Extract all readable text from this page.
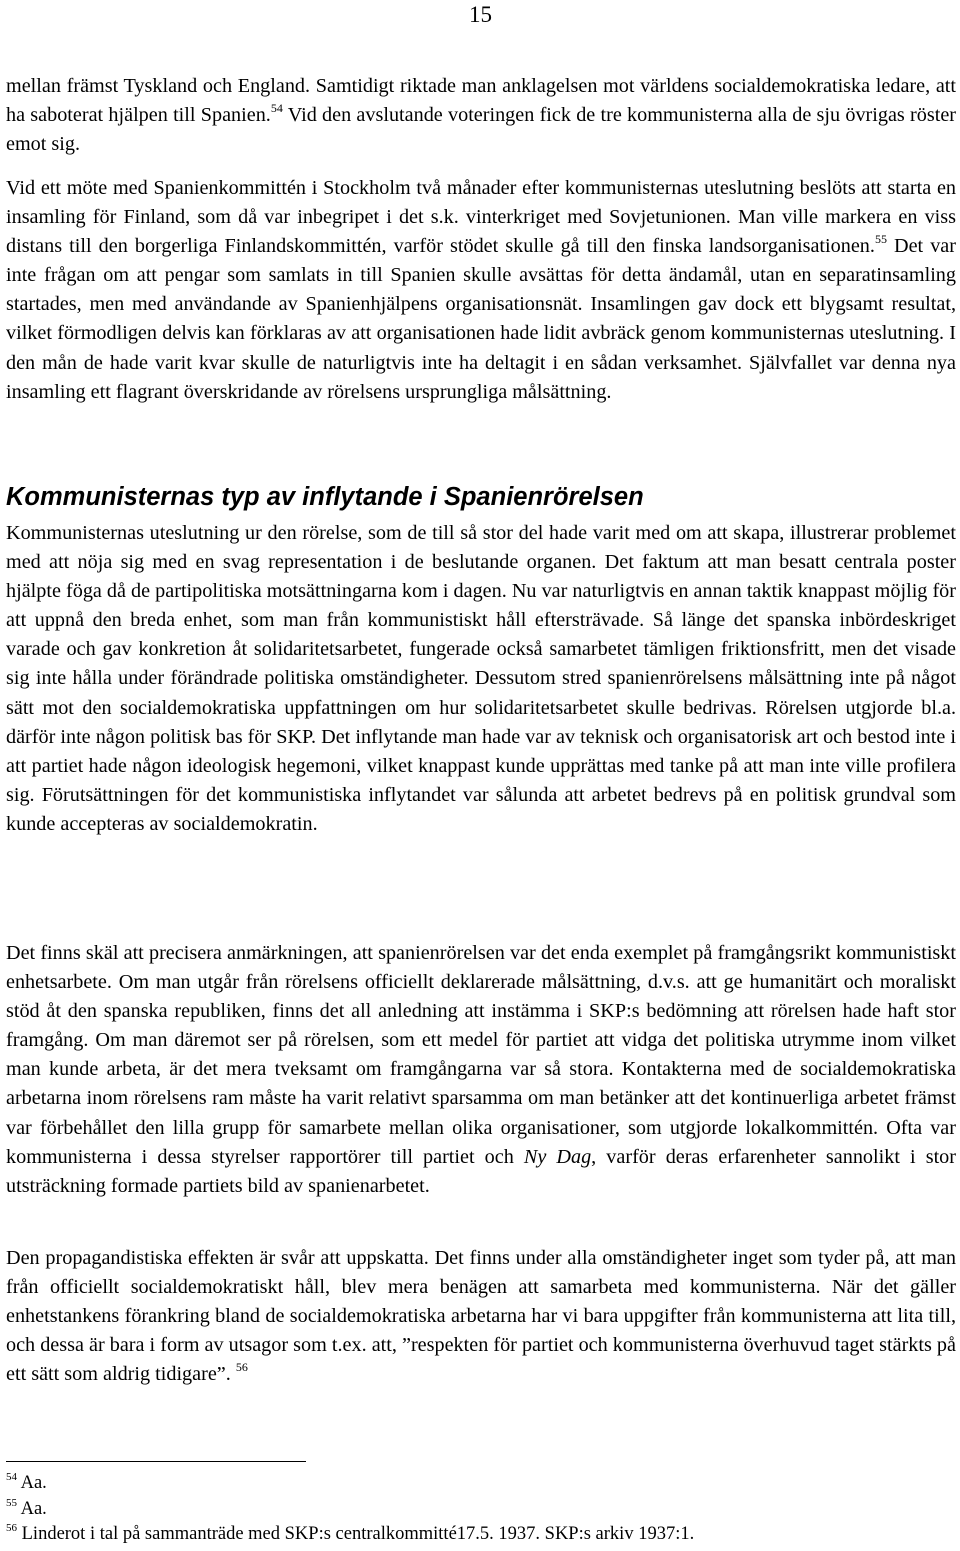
15

mellan främst Tyskland och England. Samtidigt riktade man anklagelsen mot världens socialdemokratiska ledare, att ha saboterat hjälpen till Spanien.$^{54}$ Vid den avslutande voteringen fick de tre kommunisterna alla de sju övrigas röster emot sig.

Vid ett möte med Spanienkommittén i Stockholm två månader efter kommunisternas uteslutning beslöts att starta en insamling för Finland, som då var inbegripet i det s.k. vinterkriget med Sovjetunionen. Man ville markera en viss distans till den borgerliga Finlandskommittén, varför stödet skulle gå till den finska landsorganisationen.$^{55}$ Det var inte frågan om att pengar som samlats in till Spanien skulle avsättas för detta ändamål, utan en separatinsamling startades, men med användande av Spanienhjälpens organisationsnät. Insamlingen gav dock ett blygsamt resultat, vilket förmodligen delvis kan förklaras av att organisationen hade lidit avbräck genom kommunisternas uteslutning. I den mån de hade varit kvar skulle de naturligtvis inte ha deltagit i en sådan verksamhet. Självfallet var denna nya insamling ett flagrant överskridande av rörelsens ursprungliga målsättning.

Kommunisternas typ av inflytande i Spanienrörelsen

Kommunisternas uteslutning ur den rörelse, som de till så stor del hade varit med om att skapa, illustrerar problemet med att nöja sig med en svag representation i de beslutande organen. Det faktum att man besatt centrala poster hjälpte föga då de partipolitiska motsättningarna kom i dagen. Nu var naturligtvis en annan taktik knappast möjlig för att uppnå den breda enhet, som man från kommunistiskt håll eftersträvade. Så länge det spanska inbördeskriget varade och gav konkretion åt solidaritetsarbetet, fungerade också samarbetet tämligen friktionsfritt, men det visade sig inte hålla under förändrade politiska omständigheter. Dessutom stred spanienrörelsens målsättning inte på något sätt mot den socialdemokratiska uppfattningen om hur solidaritetsarbetet skulle bedrivas. Rörelsen utgjorde bl.a. därför inte någon politisk bas för SKP. Det inflytande man hade var av teknisk och organisatorisk art och bestod inte i att partiet hade någon ideologisk hegemoni, vilket knappast kunde upprättas med tanke på att man inte ville profilera sig. Förutsättningen för det kommunistiska inflytandet var sålunda att arbetet bedrevs på en politisk grundval som kunde accepteras av socialdemokratin.

Det finns skäl att precisera anmärkningen, att spanienrörelsen var det enda exemplet på framgångsrikt kommunistiskt enhetsarbete. Om man utgår från rörelsens officiellt deklarerade målsättning, d.v.s. att ge humanitärt och moraliskt stöd åt den spanska republiken, finns det all anledning att instämma i SKP:s bedömning att rörelsen hade haft stor framgång. Om man däremot ser på rörelsen, som ett medel för partiet att vidga det politiska utrymme inom vilket man kunde arbeta, är det mera tveksamt om framgångarna var så stora. Kontakterna med de socialdemokratiska arbetarna inom rörelsens ram måste ha varit relativt sparsamma om man betänker att det kontinuerliga arbetet främst var förbehållet den lilla grupp för samarbete mellan olika organisationer, som utgjorde lokalkommittén. Ofta var kommunisterna i dessa styrelser rapportörer till partiet och Ny Dag, varför deras erfarenheter sannolikt i stor utsträckning formade partiets bild av spanienarbetet.

Den propagandistiska effekten är svår att uppskatta. Det finns under alla omständigheter inget som tyder på, att man från officiellt socialdemokratiskt håll, blev mera benägen att samarbeta med kommunisterna. När det gäller enhetstankens förankring bland de socialdemokratiska arbetarna har vi bara uppgifter från kommunisterna att lita till, och dessa är bara i form av utsagor som t.ex. att, ”respekten för partiet och kommunisterna överhuvud taget stärkts på ett sätt som aldrig tidigare”. $^{56}$

$^{54}$ Aa.
$^{55}$ Aa.
$^{56}$ Linderot i tal på sammanträde med SKP:s centralkommitté17.5. 1937. SKP:s arkiv 1937:1.
